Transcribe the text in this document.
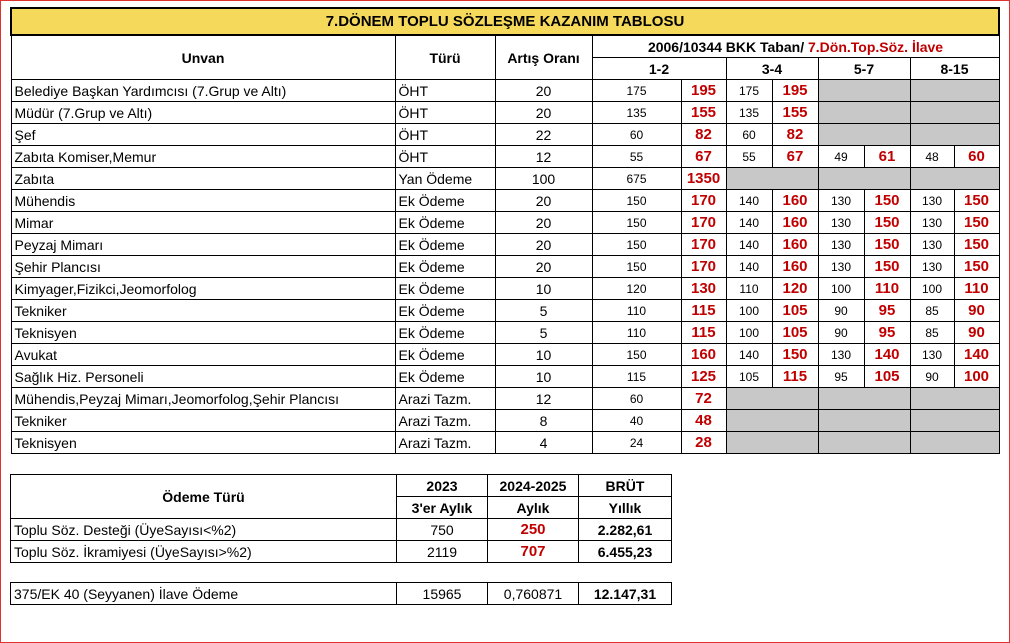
7.DÖNEM TOPLU SÖZLEŞME KAZANIM TABLOSU										
Unvan	Türü	Artış Oranı	2006/10344 BKK Taban/ 7.Dön.Top.Söz. İlave							
			1-2		3-4		5-7		8-15	
Belediye Başkan Yardımcısı (7.Grup ve Altı)	ÖHT	20	175	195	175	195				
Müdür (7.Grup ve Altı)	ÖHT	20	135	155	135	155				
Şef	ÖHT	22	60	82	60	82				
Zabıta Komiser,Memur	ÖHT	12	55	67	55	67	49	61	48	60
Zabıta	Yan Ödeme	100	675	1350						
Mühendis	Ek Ödeme	20	150	170	140	160	130	150	130	150
Mimar	Ek Ödeme	20	150	170	140	160	130	150	130	150
Peyzaj Mimarı	Ek Ödeme	20	150	170	140	160	130	150	130	150
Şehir Plancısı	Ek Ödeme	20	150	170	140	160	130	150	130	150
Kimyager,Fizikci,Jeomorfolog	Ek Ödeme	10	120	130	110	120	100	110	100	110
Tekniker	Ek Ödeme	5	110	115	100	105	90	95	85	90
Teknisyen	Ek Ödeme	5	110	115	100	105	90	95	85	90
Avukat	Ek Ödeme	10	150	160	140	150	130	140	130	140
Sağlık Hiz. Personeli	Ek Ödeme	10	115	125	105	115	95	105	90	100
Mühendis,Peyzaj Mimarı,Jeomorfolog,Şehir Plancısı	Arazi Tazm.	12	60	72						
Tekniker	Arazi Tazm.	8	40	48						
Teknisyen	Arazi Tazm.	4	24	28						
Ödeme Türü	2023	2024-2025	BRÜT
	3'er Aylık	Aylık	Yıllık
Toplu Söz. Desteği (ÜyeSayısı<%2)	750	250	2.282,61
Toplu Söz. İkramiyesi (ÜyeSayısı>%2)	2119	707	6.455,23
375/EK 40 (Seyyanen) İlave Ödeme	15965	0,760871	12.147,31
